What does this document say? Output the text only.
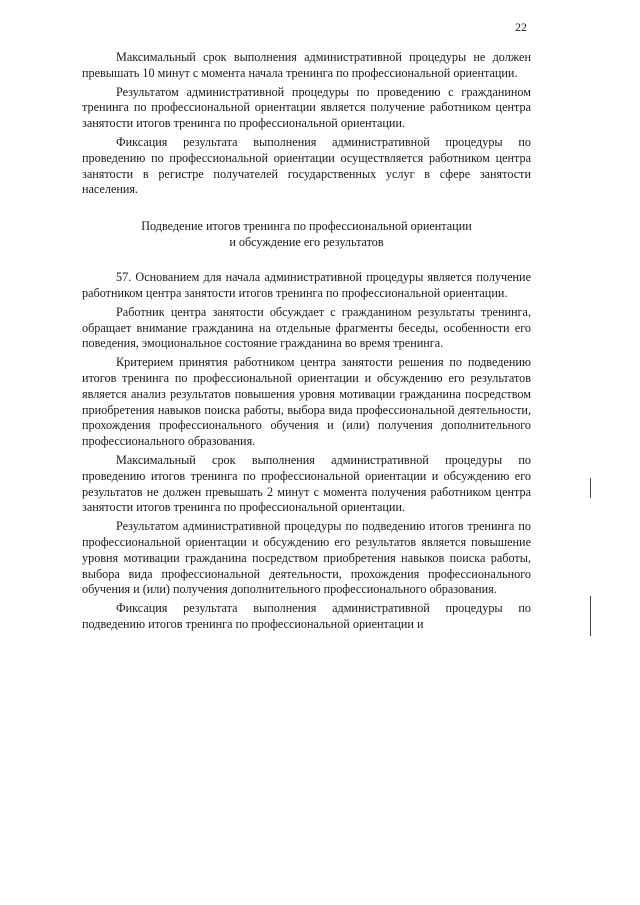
22

Максимальный срок выполнения административной процедуры не должен превышать 10 минут с момента начала тренинга по профессиональной ориентации.

Результатом административной процедуры по проведению с гражданином тренинга по профессиональной ориентации является получение работником центра занятости итогов тренинга по профессиональной ориентации.

Фиксация результата выполнения административной процедуры по проведению по профессиональной ориентации осуществляется работником центра занятости в регистре получателей государственных услуг в сфере занятости населения.

Подведение итогов тренинга по профессиональной ориентации
и обсуждение его результатов

57. Основанием для начала административной процедуры является получение работником центра занятости итогов тренинга по профессиональной ориентации.

Работник центра занятости обсуждает с гражданином результаты тренинга, обращает внимание гражданина на отдельные фрагменты беседы, особенности его поведения, эмоциональное состояние гражданина во время тренинга.

Критерием принятия работником центра занятости решения по подведению итогов тренинга по профессиональной ориентации и обсуждению его результатов является анализ результатов повышения уровня мотивации гражданина посредством приобретения навыков поиска работы, выбора вида профессиональной деятельности, прохождения профессионального обучения и (или) получения дополнительного профессионального образования.

Максимальный срок выполнения административной процедуры по проведению итогов тренинга по профессиональной ориентации и обсуждению его результатов не должен превышать 2 минут с момента получения работником центра занятости итогов тренинга по профессиональной ориентации.

Результатом административной процедуры по подведению итогов тренинга по профессиональной ориентации и обсуждению его результатов является повышение уровня мотивации гражданина посредством приобретения навыков поиска работы, выбора вида профессиональной деятельности, прохождения профессионального обучения и (или) получения дополнительного профессионального образования.

Фиксация результата выполнения административной процедуры по подведению итогов тренинга по профессиональной ориентации и
